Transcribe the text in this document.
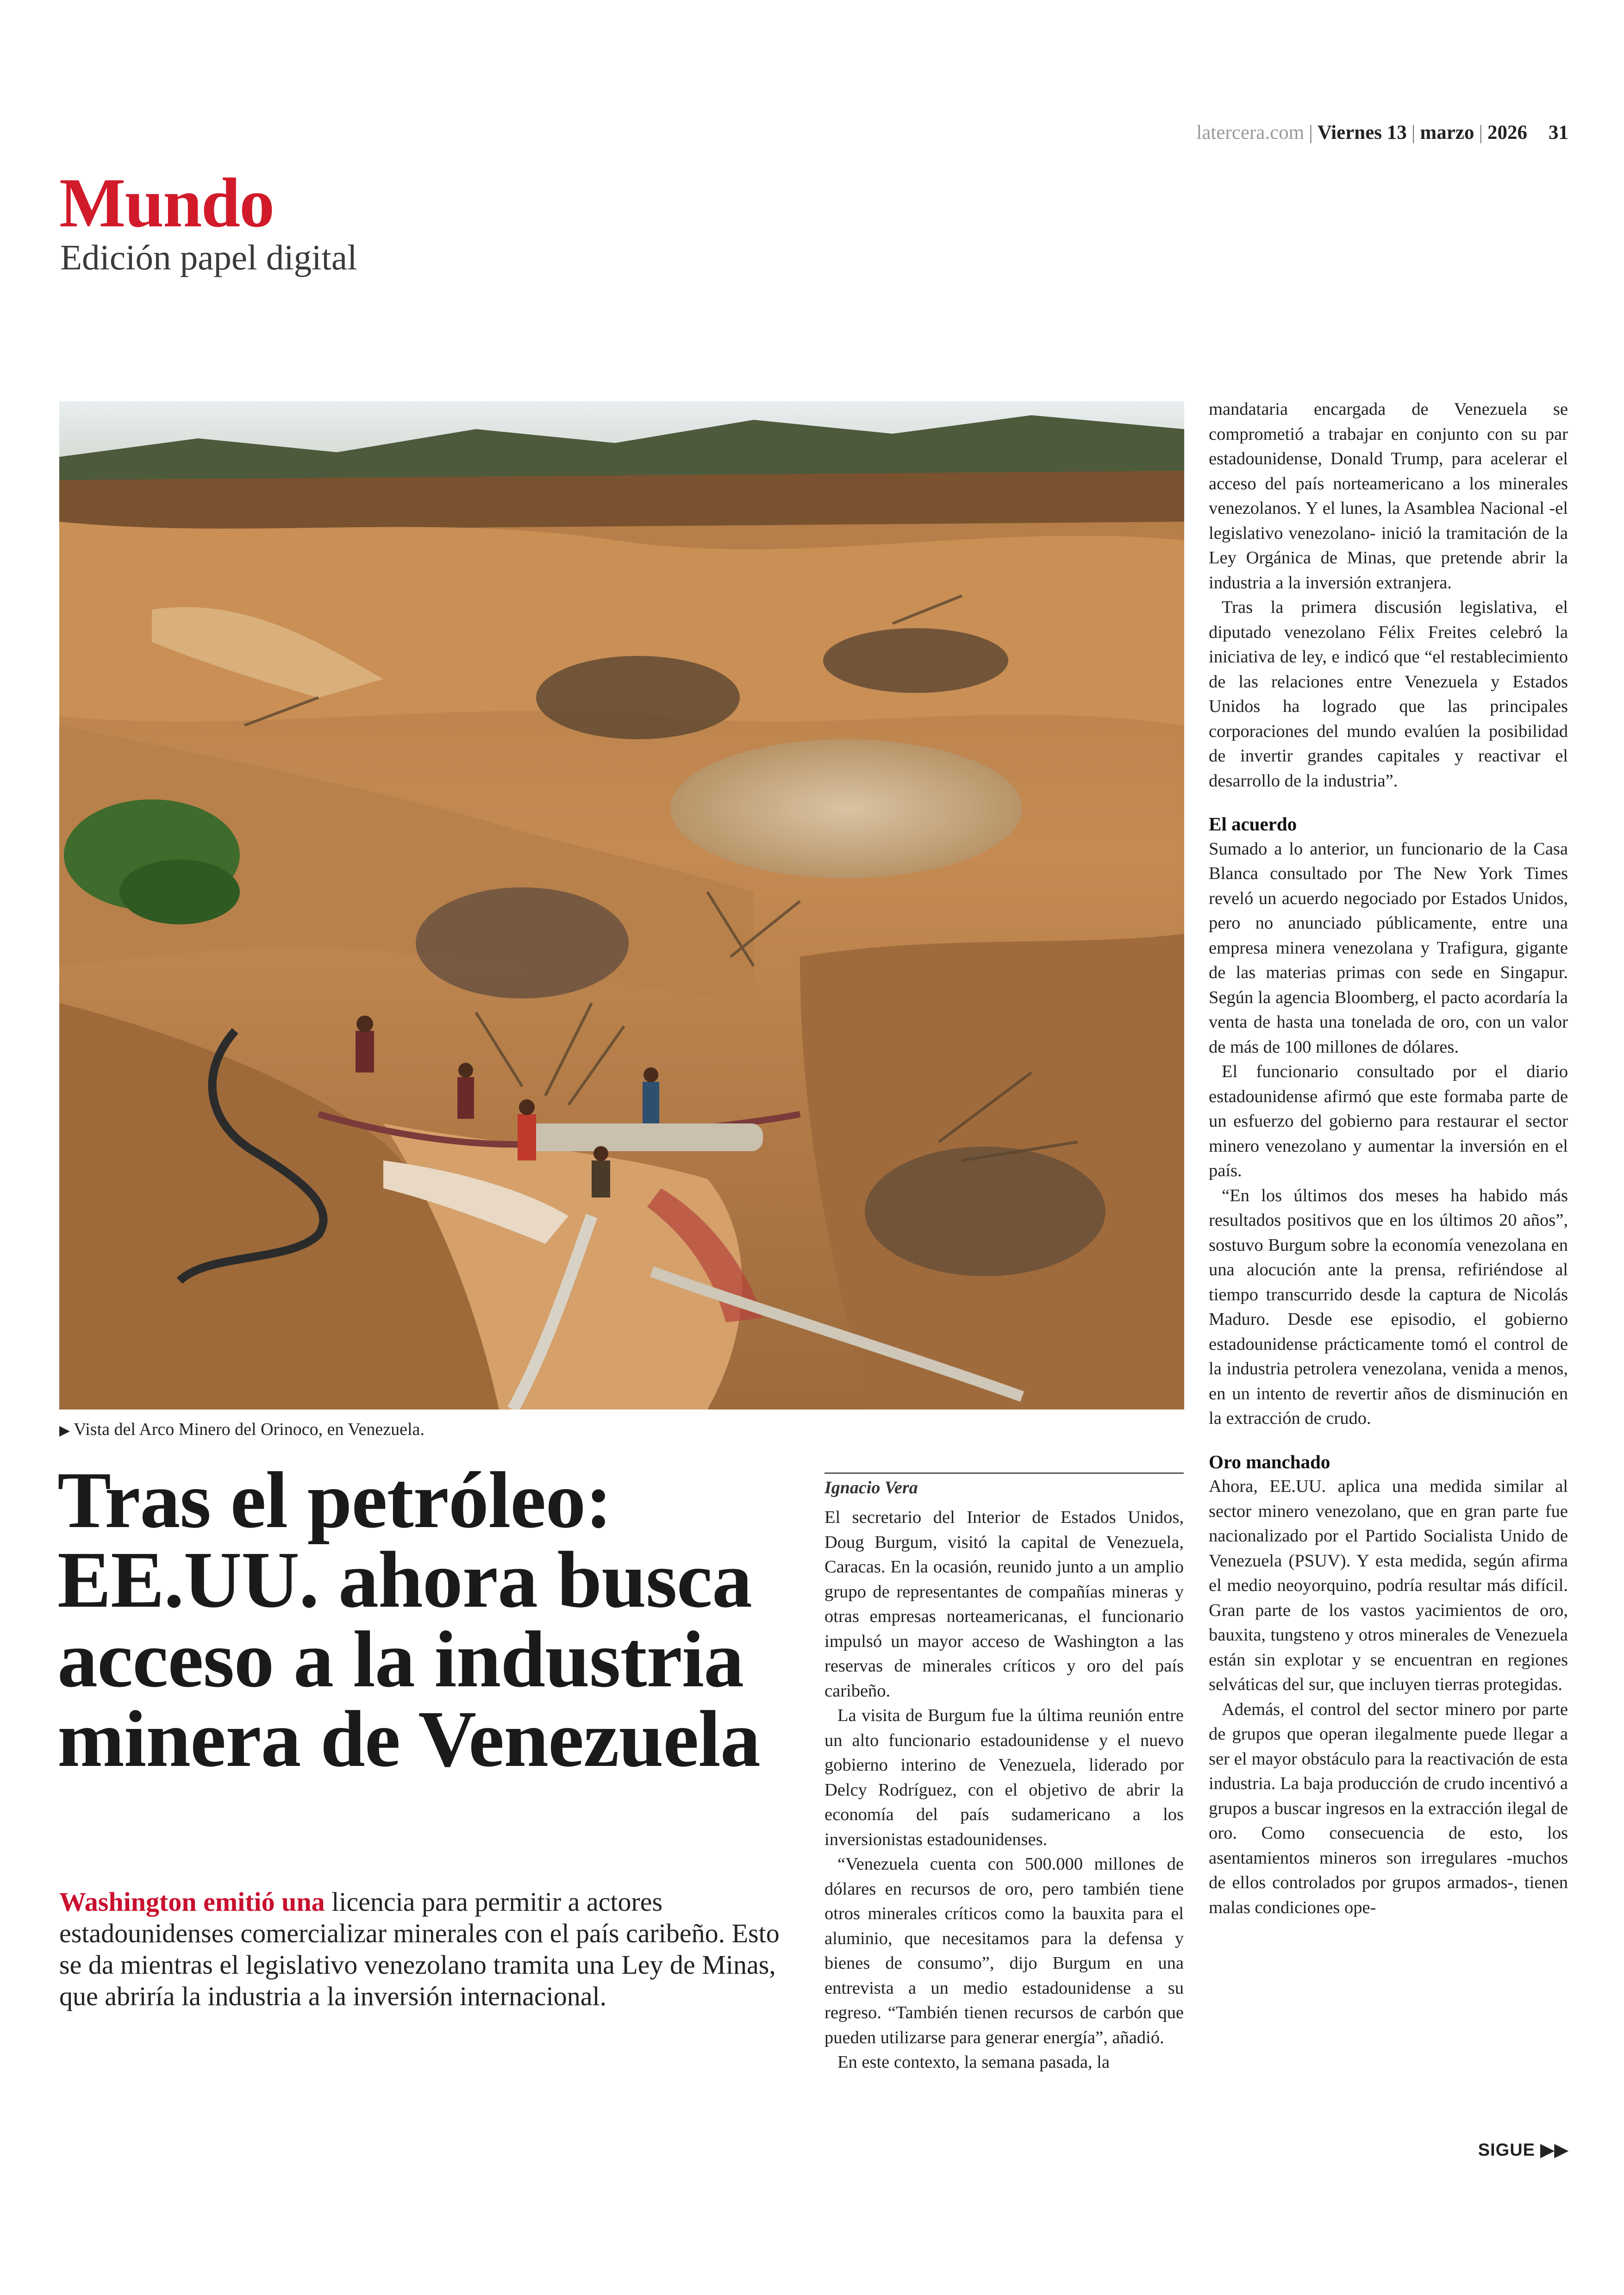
latercera.com | Viernes 13 | marzo | 2026 31
Mundo
Edición papel digital
▶ Vista del Arco Minero del Orinoco, en Venezuela.
Tras el petróleo: EE.UU. ahora busca acceso a la industria minera de Venezuela
Washington emitió una licencia para permitir a actores estadounidenses comercializar minerales con el país caribeño. Esto se da mientras el legislativo venezolano tramita una Ley de Minas, que abriría la industria a la inversión internacional.
Ignacio Vera

El secretario del Interior de Estados Unidos, Doug Burgum, visitó la capital de Venezuela, Caracas. En la ocasión, reunido junto a un amplio grupo de representantes de compañías mineras y otras empresas norteamericanas, el funcionario impulsó un mayor acceso de Washington a las reservas de minerales críticos y oro del país caribeño.

La visita de Burgum fue la última reunión entre un alto funcionario estadounidense y el nuevo gobierno interino de Venezuela, liderado por Delcy Rodríguez, con el objetivo de abrir la economía del país sudamericano a los inversionistas estadounidenses.

“Venezuela cuenta con 500.000 millones de dólares en recursos de oro, pero también tiene otros minerales críticos como la bauxita para el aluminio, que necesitamos para la defensa y bienes de consumo”, dijo Burgum en una entrevista a un medio estadounidense a su regreso. “También tienen recursos de carbón que pueden utilizarse para generar energía”, añadió.

En este contexto, la semana pasada, la

mandataria encargada de Venezuela se comprometió a trabajar en conjunto con su par estadounidense, Donald Trump, para acelerar el acceso del país norteamericano a los minerales venezolanos. Y el lunes, la Asamblea Nacional -el legislativo venezolano- inició la tramitación de la Ley Orgánica de Minas, que pretende abrir la industria a la inversión extranjera.

Tras la primera discusión legislativa, el diputado venezolano Félix Freites celebró la iniciativa de ley, e indicó que “el restablecimiento de las relaciones entre Venezuela y Estados Unidos ha logrado que las principales corporaciones del mundo evalúen la posibilidad de invertir grandes capitales y reactivar el desarrollo de la industria”.

El acuerdo

Sumado a lo anterior, un funcionario de la Casa Blanca consultado por The New York Times reveló un acuerdo negociado por Estados Unidos, pero no anunciado públicamente, entre una empresa minera venezolana y Trafigura, gigante de las materias primas con sede en Singapur. Según la agencia Bloomberg, el pacto acordaría la venta de hasta una tonelada de oro, con un valor de más de 100 millones de dólares.

El funcionario consultado por el diario estadounidense afirmó que este formaba parte de un esfuerzo del gobierno para restaurar el sector minero venezolano y aumentar la inversión en el país.

“En los últimos dos meses ha habido más resultados positivos que en los últimos 20 años”, sostuvo Burgum sobre la economía venezolana en una alocución ante la prensa, refiriéndose al tiempo transcurrido desde la captura de Nicolás Maduro. Desde ese episodio, el gobierno estadounidense prácticamente tomó el control de la industria petrolera venezolana, venida a menos, en un intento de revertir años de disminución en la extracción de crudo.

Oro manchado

Ahora, EE.UU. aplica una medida similar al sector minero venezolano, que en gran parte fue nacionalizado por el Partido Socialista Unido de Venezuela (PSUV). Y esta medida, según afirma el medio neoyorquino, podría resultar más difícil. Gran parte de los vastos yacimientos de oro, bauxita, tungsteno y otros minerales de Venezuela están sin explotar y se encuentran en regiones selváticas del sur, que incluyen tierras protegidas.

Además, el control del sector minero por parte de grupos que operan ilegalmente puede llegar a ser el mayor obstáculo para la reactivación de esta industria. La baja producción de crudo incentivó a grupos a buscar ingresos en la extracción ilegal de oro. Como consecuencia de esto, los asentamientos mineros son irregulares -muchos de ellos controlados por grupos armados-, tienen malas condiciones ope-

SIGUE ▶▶
